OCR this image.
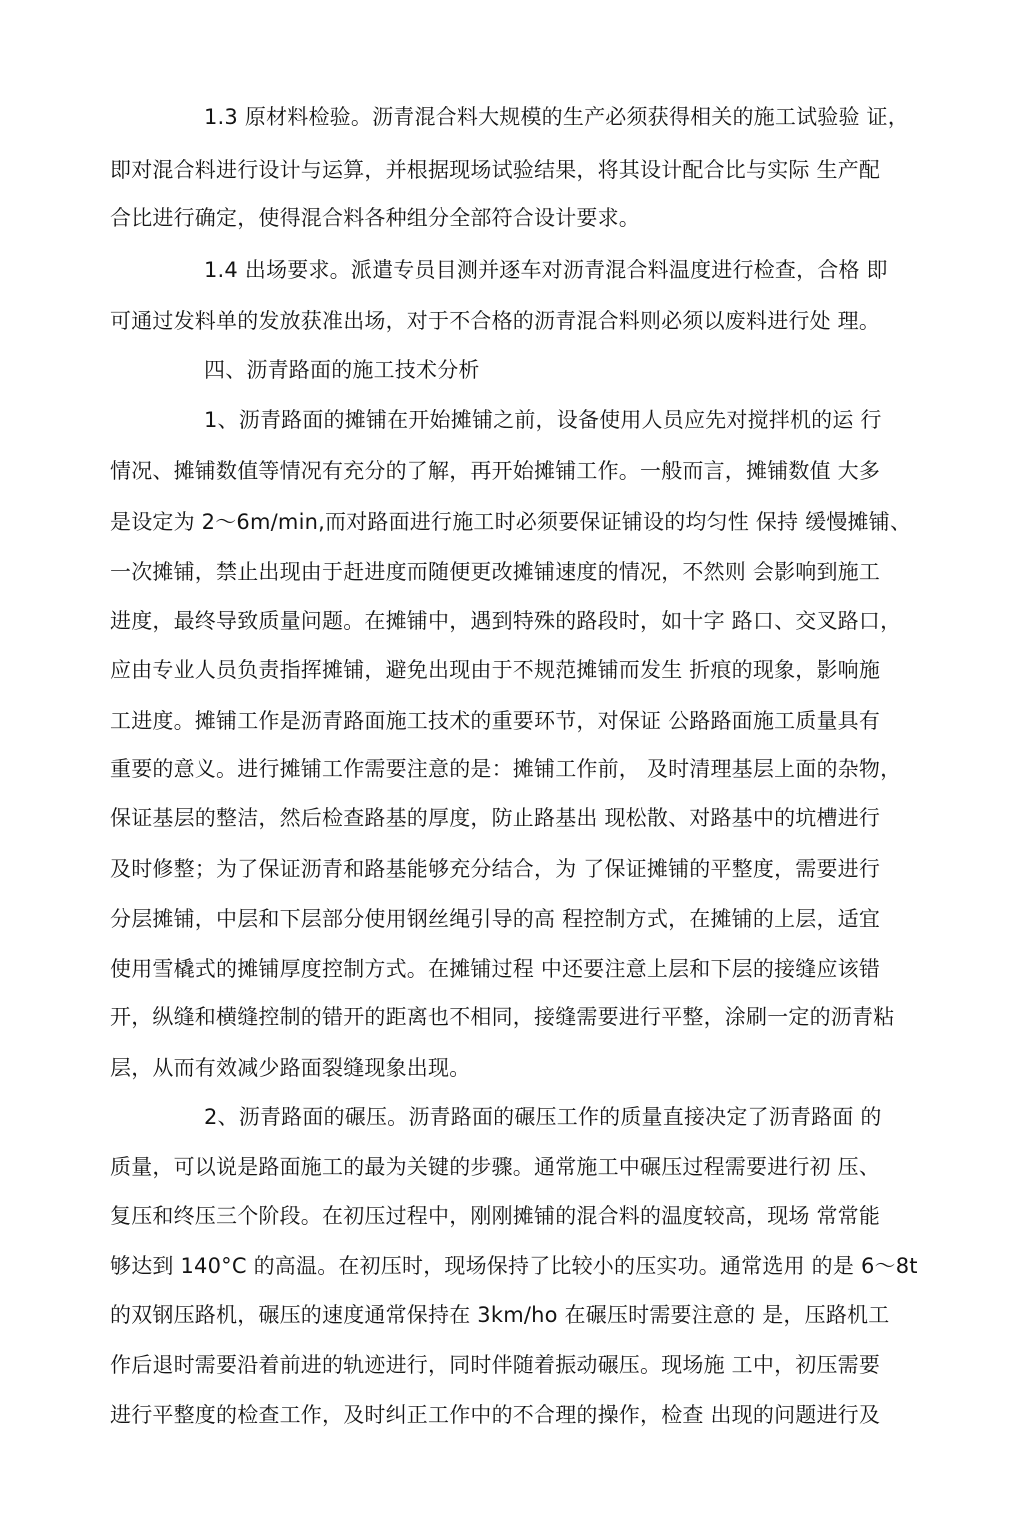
1.3 原材料检验。沥青混合料大规模的生产必须获得相关的施工试验验 证，
即对混合料进行设计与运算，并根据现场试验结果，将其设计配合比与实际 生产配
合比进行确定，使得混合料各种组分全部符合设计要求。
1.4 出场要求。派遣专员目测并逐车对沥青混合料温度进行检查，合格 即
可通过发料单的发放获准出场，对于不合格的沥青混合料则必须以废料进行处 理。
四、沥青路面的施工技术分析
1、沥青路面的摊铺在开始摊铺之前，设备使用人员应先对搅拌机的运 行
情况、摊铺数值等情况有充分的了解，再开始摊铺工作。一般而言，摊铺数值 大多
是设定为 2〜6m/min,而对路面进行施工时必须要保证铺设的均匀性 保持 缓慢摊铺、
一次摊铺，禁止出现由于赶进度而随便更改摊铺速度的情况，不然则 会影响到施工
进度，最终导致质量问题。在摊铺中，遇到特殊的路段时，如十字 路口、交叉路口，
应由专业人员负责指挥摊铺，避免出现由于不规范摊铺而发生 折痕的现象，影响施
工进度。摊铺工作是沥青路面施工技术的重要环节，对保证 公路路面施工质量具有
重要的意义。进行摊铺工作需要注意的是：摊铺工作前， 及时清理基层上面的杂物，
保证基层的整洁，然后检查路基的厚度，防止路基出 现松散、对路基中的坑槽进行
及时修整；为了保证沥青和路基能够充分结合，为 了保证摊铺的平整度，需要进行
分层摊铺，中层和下层部分使用钢丝绳引导的高 程控制方式，在摊铺的上层，适宜
使用雪橇式的摊铺厚度控制方式。在摊铺过程 中还要注意上层和下层的接缝应该错
开，纵缝和横缝控制的错开的距离也不相同，接缝需要进行平整，涂刷一定的沥青粘
层，从而有效减少路面裂缝现象出现。
2、沥青路面的碾压。沥青路面的碾压工作的质量直接决定了沥青路面 的
质量，可以说是路面施工的最为关键的步骤。通常施工中碾压过程需要进行初 压、
复压和终压三个阶段。在初压过程中，刚刚摊铺的混合料的温度较高，现场 常常能
够达到 140°C 的高温。在初压时，现场保持了比较小的压实功。通常选用 的是 6〜8t
的双钢压路机，碾压的速度通常保持在 3km/ho 在碾压时需要注意的 是，压路机工
作后退时需要沿着前进的轨迹进行，同时伴随着振动碾压。现场施 工中，初压需要
进行平整度的检查工作，及时纠正工作中的不合理的操作，检查 出现的问题进行及
